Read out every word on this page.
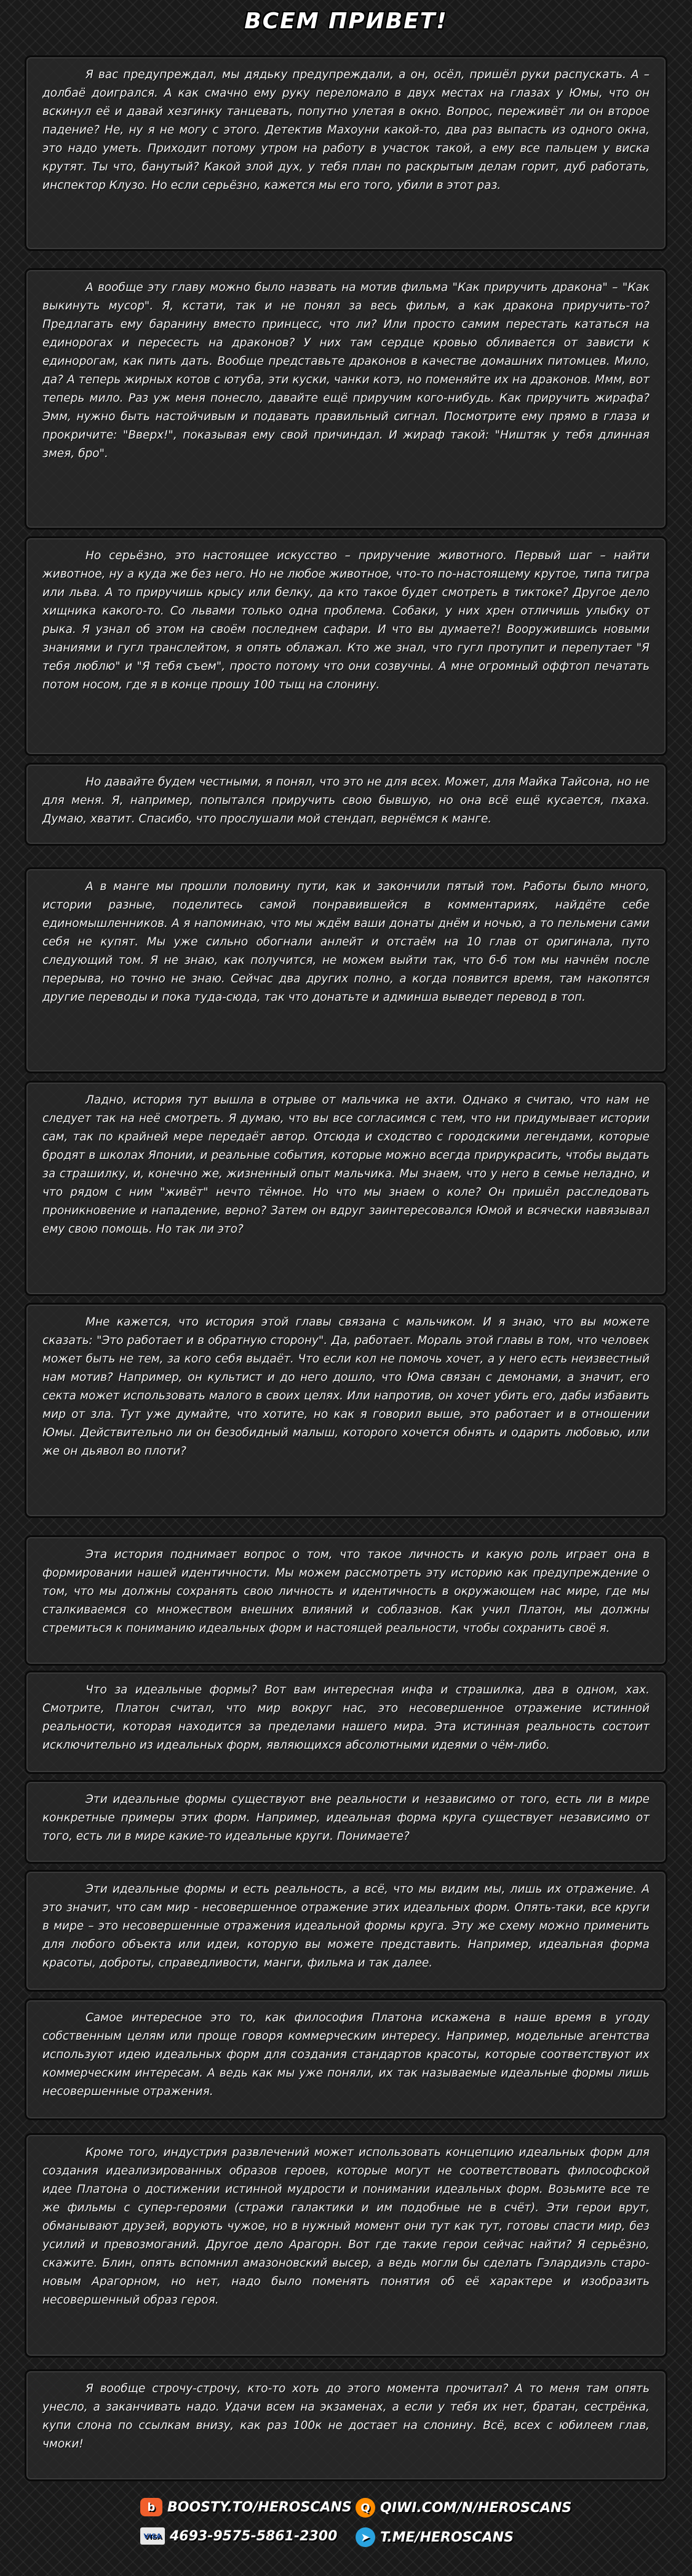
ВСЕМ ПРИВЕТ!

Я вас предупреждал, мы дядьку предупреждали, а он, осёл, пришёл руки распускать. А – долбаё доигрался. А как смачно ему руку переломало в двух местах на глазах у Юмы, что он вскинул её и давай хезгинку танцевать, попутно улетая в окно. Вопрос, переживёт ли он второе падение? Не, ну я не могу с этого. Детектив Махоуни какой-то, два раз выпасть из одного окна, это надо уметь. Приходит потому утром на работу в участок такой, а ему все пальцем у виска крутят. Ты что, банутый? Какой злой дух, у тебя план по раскрытым делам горит, дуб работать, инспектор Клузо. Но если серьёзно, кажется мы его того, убили в этот раз.

А вообще эту главу можно было назвать на мотив фильма "Как приручить дракона" – "Как выкинуть мусор". Я, кстати, так и не понял за весь фильм, а как дракона приручить-то? Предлагать ему баранину вместо принцесс, что ли? Или просто самим перестать кататься на единорогах и пересесть на драконов? У них там сердце кровью обливается от зависти к единорогам, как пить дать. Вообще представьте драконов в качестве домашних питомцев. Мило, да? А теперь жирных котов с ютуба, эти куски, чанки котэ, но поменяйте их на драконов. Ммм, вот теперь мило. Раз уж меня понесло, давайте ещё приручим кого-нибудь. Как приручить жирафа? Эмм, нужно быть настойчивым и подавать правильный сигнал. Посмотрите ему прямо в глаза и прокричите: "Вверх!", показывая ему свой причиндал. И жираф такой: "Ништяк у тебя длинная змея, бро".

Но серьёзно, это настоящее искусство – приручение животного. Первый шаг – найти животное, ну а куда же без него. Но не любое животное, что-то по-настоящему крутое, типа тигра или льва. А то приручишь крысу или белку, да кто такое будет смотреть в тиктоке? Другое дело хищника какого-то. Со львами только одна проблема. Собаки, у них хрен отличишь улыбку от рыка. Я узнал об этом на своём последнем сафари. И что вы думаете?! Вооружившись новыми знаниями и гугл транслейтом, я опять облажал. Кто же знал, что гугл протупит и перепутает "Я тебя люблю" и "Я тебя съем", просто потому что они созвучны. А мне огромный оффтоп печатать потом носом, где я в конце прошу 100 тыщ на слонину.

Но давайте будем честными, я понял, что это не для всех. Может, для Майка Тайсона, но не для меня. Я, например, попытался приручить свою бывшую, но она всё ещё кусается, пхаха. Думаю, хватит. Спасибо, что прослушали мой стендап, вернёмся к манге.

А в манге мы прошли половину пути, как и закончили пятый том. Работы было много, истории разные, поделитесь самой понравившейся в комментариях, найдёте себе единомышленников. А я напоминаю, что мы ждём ваши донаты днём и ночью, а то пельмени сами себя не купят. Мы уже сильно обогнали анлейт и отстаём на 10 глав от оригинала, путо следующий том. Я не знаю, как получится, не можем выйти так, что б-б том мы начнём после перерыва, но точно не знаю. Сейчас два других полно, а когда появится время, там накопятся другие переводы и пока туда-сюда, так что донатьте и админша выведет перевод в топ.

Ладно, история тут вышла в отрыве от мальчика не ахти. Однако я считаю, что нам не следует так на неё смотреть. Я думаю, что вы все согласимся с тем, что ни придумывает истории сам, так по крайней мере передаёт автор. Отсюда и сходство с городскими легендами, которые бродят в школах Японии, и реальные события, которые можно всегда прирукрасить, чтобы выдать за страшилку, и, конечно же, жизненный опыт мальчика. Мы знаем, что у него в семье неладно, и что рядом с ним "живёт" нечто тёмное. Но что мы знаем о коле? Он пришёл расследовать проникновение и нападение, верно? Затем он вдруг заинтересовался Юмой и всячески навязывал ему свою помощь. Но так ли это?

Мне кажется, что история этой главы связана с мальчиком. И я знаю, что вы можете сказать: "Это работает и в обратную сторону". Да, работает. Мораль этой главы в том, что человек может быть не тем, за кого себя выдаёт. Что если кол не помочь хочет, а у него есть неизвестный нам мотив? Например, он культист и до него дошло, что Юма связан с демонами, а значит, его секта может использовать малого в своих целях. Или напротив, он хочет убить его, дабы избавить мир от зла. Тут уже думайте, что хотите, но как я говорил выше, это работает и в отношении Юмы. Действительно ли он безобидный малыш, которого хочется обнять и одарить любовью, или же он дьявол во плоти?

Эта история поднимает вопрос о том, что такое личность и какую роль играет она в формировании нашей идентичности. Мы можем рассмотреть эту историю как предупреждение о том, что мы должны сохранять свою личность и идентичность в окружающем нас мире, где мы сталкиваемся со множеством внешних влияний и соблазнов. Как учил Платон, мы должны стремиться к пониманию идеальных форм и настоящей реальности, чтобы сохранить своё я.

Что за идеальные формы? Вот вам интересная инфа и страшилка, два в одном, хах. Смотрите, Платон считал, что мир вокруг нас, это несовершенное отражение истинной реальности, которая находится за пределами нашего мира. Эта истинная реальность состоит исключительно из идеальных форм, являющихся абсолютными идеями о чём-либо.

Эти идеальные формы существуют вне реальности и независимо от того, есть ли в мире конкретные примеры этих форм. Например, идеальная форма круга существует независимо от того, есть ли в мире какие-то идеальные круги. Понимаете?

Эти идеальные формы и есть реальность, а всё, что мы видим мы, лишь их отражение. А это значит, что сам мир - несовершенное отражение этих идеальных форм. Опять-таки, все круги в мире – это несовершенные отражения идеальной формы круга. Эту же схему можно применить для любого объекта или идеи, которую вы можете представить. Например, идеальная форма красоты, доброты, справедливости, манги, фильма и так далее.

Самое интересное это то, как философия Платона искажена в наше время в угоду собственным целям или проще говоря коммерческим интересу. Например, модельные агентства используют идею идеальных форм для создания стандартов красоты, которые соответствуют их коммерческим интересам. А ведь как мы уже поняли, их так называемые идеальные формы лишь несовершенные отражения.

Кроме того, индустрия развлечений может использовать концепцию идеальных форм для создания идеализированных образов героев, которые могут не соответствовать философской идее Платона о достижении истинной мудрости и понимании идеальных форм. Возьмите все те же фильмы с супер-героями (стражи галактики и им подобные не в счёт). Эти герои врут, обманывают друзей, ворують чужое, но в нужный момент они тут как тут, готовы спасти мир, без усилий и превозмоганий. Другое дело Арагорн. Вот где такие герои сейчас найти? Я серьёзно, скажите. Блин, опять вспомнил амазоновский высер, а ведь могли бы сделать Гэлардиэль старо-новым Арагорном, но нет, надо было поменять понятия об её характере и изобразить несовершенный образ героя.

Я вообще строчу-строчу, кто-то хоть до этого момента прочитал? А то меня там опять унесло, а заканчивать надо. Удачи всем на экзаменах, а если у тебя их нет, братан, сестрёнка, купи слона по ссылкам внизу, как раз 100к не достает на слонину. Всё, всех с юбилеем глав, чмоки!

b BOOSTY.TO/HEROSCANS Q QIWI.COM/N/HEROSCANS
VISA 4693-9575-5861-2300	➤ T.ME/HEROSCANS
